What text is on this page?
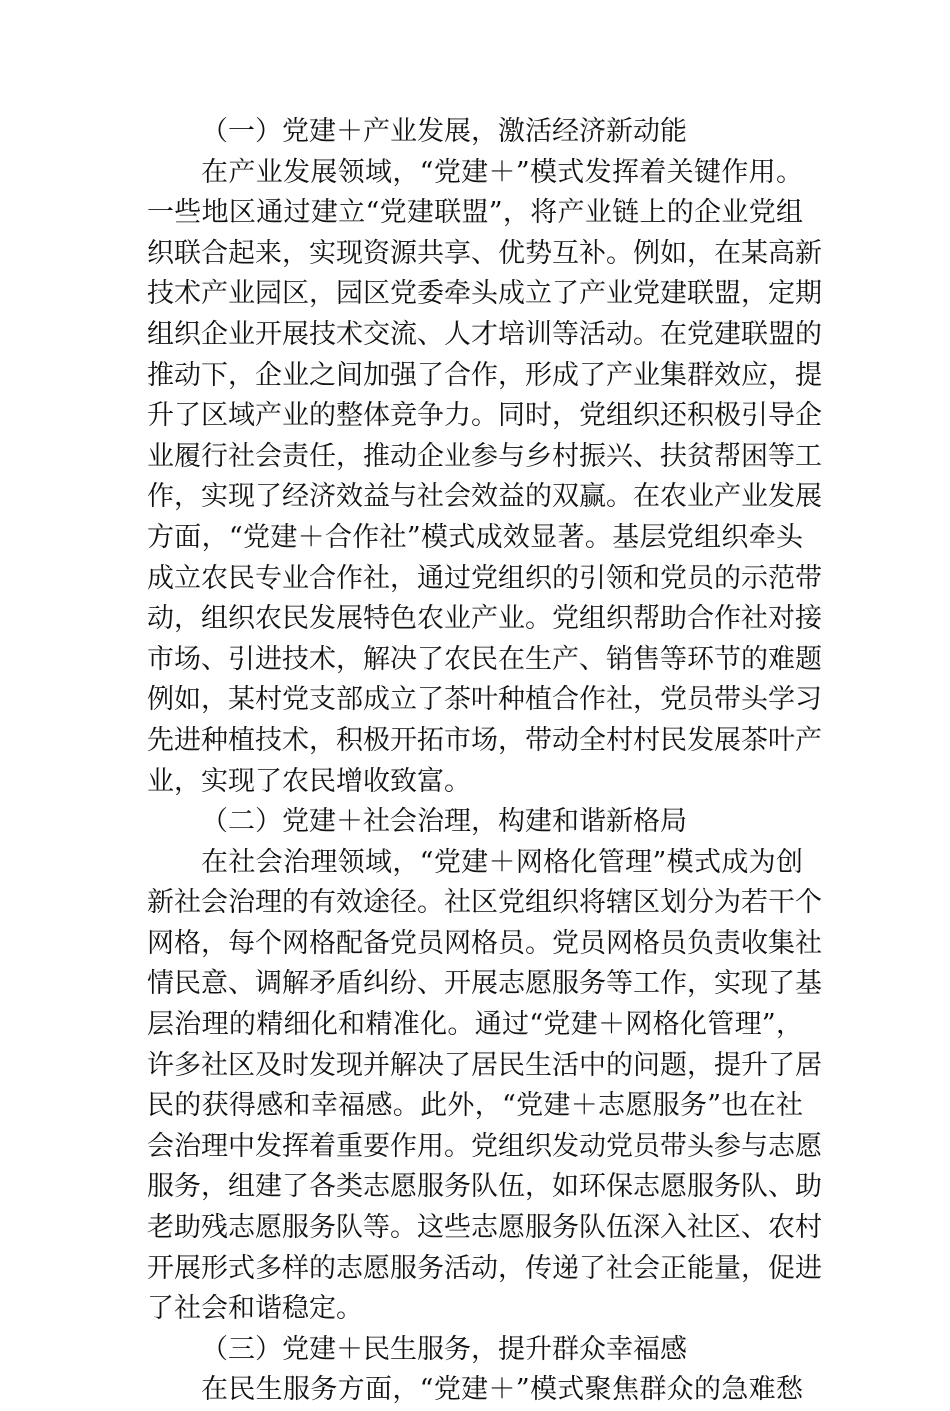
（一）党建＋产业发展，激活经济新动能
在产业发展领域，“党建＋”模式发挥着关键作用。
一些地区通过建立“党建联盟”，将产业链上的企业党组
织联合起来，实现资源共享、优势互补。例如，在某高新
技术产业园区，园区党委牵头成立了产业党建联盟，定期
组织企业开展技术交流、人才培训等活动。在党建联盟的
推动下，企业之间加强了合作，形成了产业集群效应，提
升了区域产业的整体竞争力。同时，党组织还积极引导企
业履行社会责任，推动企业参与乡村振兴、扶贫帮困等工
作，实现了经济效益与社会效益的双赢。在农业产业发展
方面，“党建＋合作社”模式成效显著。基层党组织牵头
成立农民专业合作社，通过党组织的引领和党员的示范带
动，组织农民发展特色农业产业。党组织帮助合作社对接
市场、引进技术，解决了农民在生产、销售等环节的难题
例如，某村党支部成立了茶叶种植合作社，党员带头学习
先进种植技术，积极开拓市场，带动全村村民发展茶叶产
业，实现了农民增收致富。
（二）党建＋社会治理，构建和谐新格局
在社会治理领域，“党建＋网格化管理”模式成为创
新社会治理的有效途径。社区党组织将辖区划分为若干个
网格，每个网格配备党员网格员。党员网格员负责收集社
情民意、调解矛盾纠纷、开展志愿服务等工作，实现了基
层治理的精细化和精准化。通过“党建＋网格化管理”，
许多社区及时发现并解决了居民生活中的问题，提升了居
民的获得感和幸福感。此外，“党建＋志愿服务”也在社
会治理中发挥着重要作用。党组织发动党员带头参与志愿
服务，组建了各类志愿服务队伍，如环保志愿服务队、助
老助残志愿服务队等。这些志愿服务队伍深入社区、农村
开展形式多样的志愿服务活动，传递了社会正能量，促进
了社会和谐稳定。
（三）党建＋民生服务，提升群众幸福感
在民生服务方面，“党建＋”模式聚焦群众的急难愁
